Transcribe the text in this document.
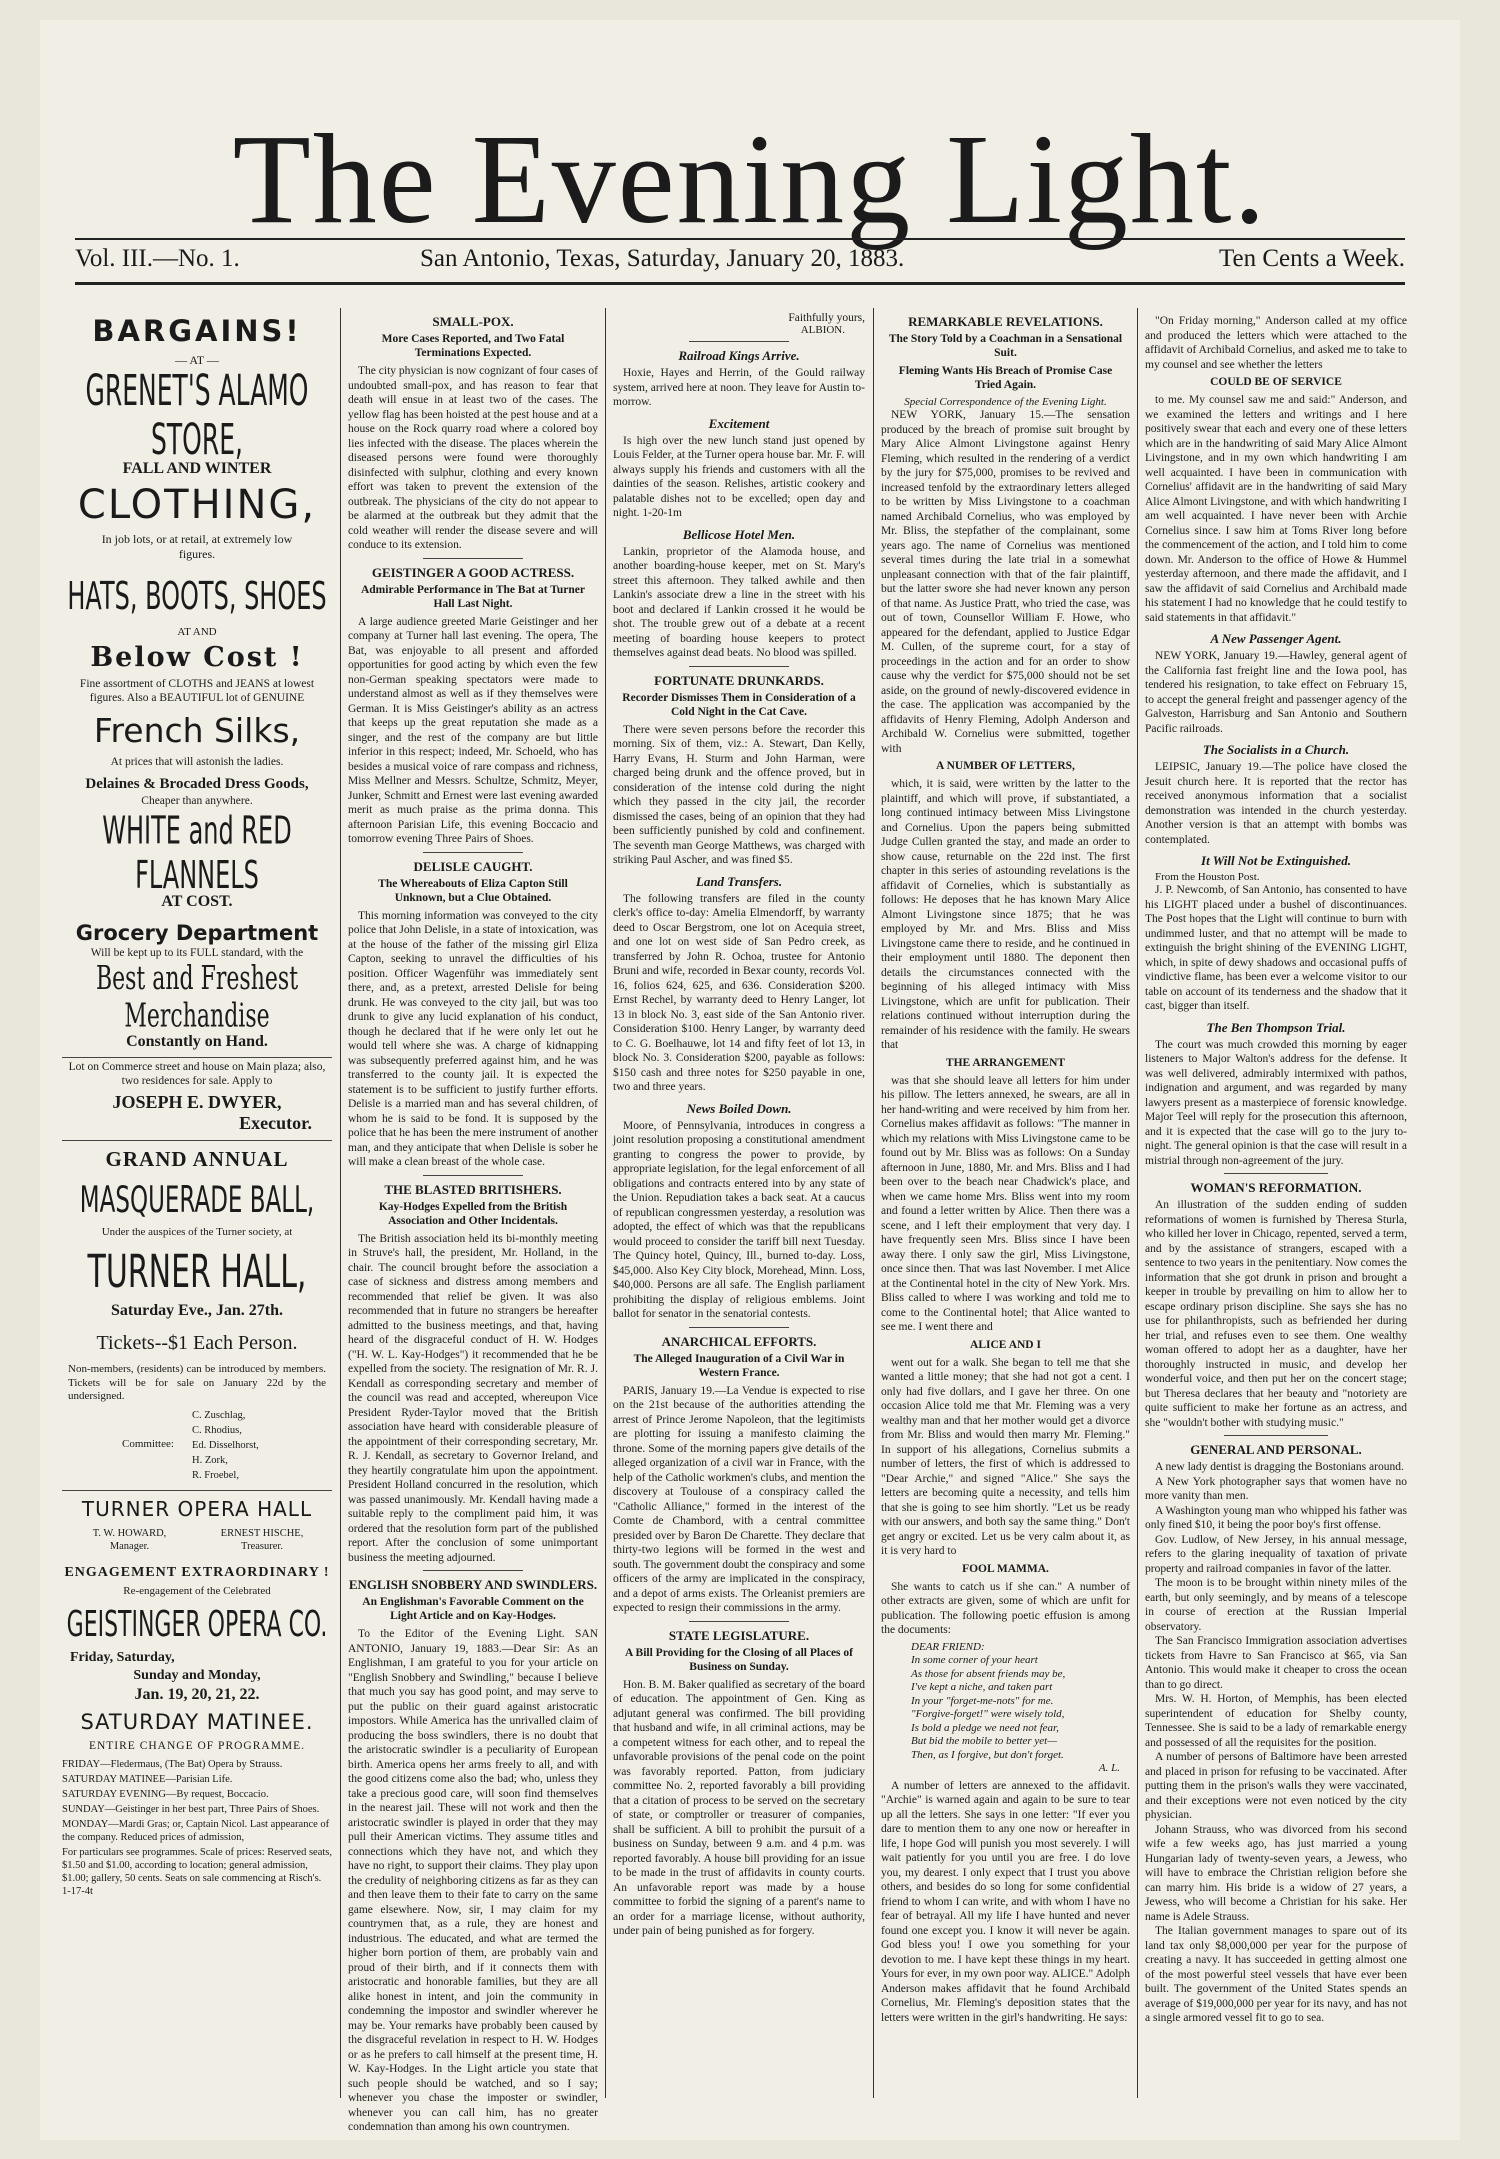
The Evening Light.
Vol. III.—No. 1.	San Antonio, Texas, Saturday, January 20, 1883.	Ten Cents a Week.
BARGAINS!
— AT —
GRENET'S ALAMO STORE,
FALL AND WINTER
CLOTHING,
In job lots, or at retail, at extremely low figures.
HATS, BOOTS, SHOES
AT AND
Below Cost !
Fine assortment of CLOTHS and JEANS at lowest figures. Also a BEAUTIFUL lot of GENUINE
French Silks,
At prices that will astonish the ladies.
Delaines & Brocaded Dress Goods,
Cheaper than anywhere.
WHITE and RED FLANNELS
AT COST.
Grocery Department
Will be kept up to its FULL standard, with the
Best and Freshest Merchandise
Constantly on Hand.
Lot on Commerce street and house on Main plaza; also, two residences for sale. Apply to
JOSEPH E. DWYER,
Executor.
GRAND ANNUAL
MASQUERADE BALL,
Under the auspices of the Turner society, at
TURNER HALL,
Saturday Eve., Jan. 27th.
Tickets--$1 Each Person.
Non-members, (residents) can be introduced by members. Tickets will be for sale on January 22d by the undersigned.
Committee:
C. Zuschlag,
C. Rhodius,
Ed. Disselhorst,
H. Zork,
R. Froebel,
TURNER OPERA HALL
T. W. HOWARD, Manager.
ERNEST HISCHE, Treasurer.
ENGAGEMENT EXTRAORDINARY !
Re-engagement of the Celebrated
GEISTINGER OPERA CO.
Friday, Saturday,
Sunday and Monday,
Jan. 19, 20, 21, 22.
SATURDAY MATINEE.
ENTIRE CHANGE OF PROGRAMME.
FRIDAY—Fledermaus, (The Bat) Opera by Strauss.
SATURDAY MATINEE—Parisian Life.
SATURDAY EVENING—By request, Boccacio.
SUNDAY—Geistinger in her best part, Three Pairs of Shoes.
MONDAY—Mardi Gras; or, Captain Nicol. Last appearance of the company. Reduced prices of admission,
For particulars see programmes. Scale of prices: Reserved seats, $1.50 and $1.00, according to location; general admission, $1.00; gallery, 50 cents. Seats on sale commencing at Risch's. 1-17-4t
SMALL-POX.
More Cases Reported, and Two Fatal Terminations Expected.

The city physician is now cognizant of four cases of undoubted small-pox, and has reason to fear that death will ensue in at least two of the cases. The yellow flag has been hoisted at the pest house and at a house on the Rock quarry road where a colored boy lies infected with the disease. The places wherein the diseased persons were found were thoroughly disinfected with sulphur, clothing and every known effort was taken to prevent the extension of the outbreak. The physicians of the city do not appear to be alarmed at the outbreak but they admit that the cold weather will render the disease severe and will conduce to its extension.

GEISTINGER A GOOD ACTRESS.
Admirable Performance in The Bat at Turner Hall Last Night.

A large audience greeted Marie Geistinger and her company at Turner hall last evening. The opera, The Bat, was enjoyable to all present and afforded opportunities for good acting by which even the few non-German speaking spectators were made to understand almost as well as if they themselves were German. It is Miss Geistinger's ability as an actress that keeps up the great reputation she made as a singer, and the rest of the company are but little inferior in this respect; indeed, Mr. Schoeld, who has besides a musical voice of rare compass and richness, Miss Mellner and Messrs. Schultze, Schmitz, Meyer, Junker, Schmitt and Ernest were last evening awarded merit as much praise as the prima donna. This afternoon Parisian Life, this evening Boccacio and tomorrow evening Three Pairs of Shoes.

DELISLE CAUGHT.
The Whereabouts of Eliza Capton Still Unknown, but a Clue Obtained.

This morning information was conveyed to the city police that John Delisle, in a state of intoxication, was at the house of the father of the missing girl Eliza Capton, seeking to unravel the difficulties of his position. Officer Wagenführ was immediately sent there, and, as a pretext, arrested Delisle for being drunk. He was conveyed to the city jail, but was too drunk to give any lucid explanation of his conduct, though he declared that if he were only let out he would tell where she was. A charge of kidnapping was subsequently preferred against him, and he was transferred to the county jail. It is expected the statement is to be sufficient to justify further efforts. Delisle is a married man and has several children, of whom he is said to be fond. It is supposed by the police that he has been the mere instrument of another man, and they anticipate that when Delisle is sober he will make a clean breast of the whole case.

THE BLASTED BRITISHERS.
Kay-Hodges Expelled from the British Association and Other Incidentals.

The British association held its bi-monthly meeting in Struve's hall, the president, Mr. Holland, in the chair. The council brought before the association a case of sickness and distress among members and recommended that relief be given. It was also recommended that in future no strangers be hereafter admitted to the business meetings, and that, having heard of the disgraceful conduct of H. W. Hodges ("H. W. L. Kay-Hodges") it recommended that he be expelled from the society. The resignation of Mr. R. J. Kendall as corresponding secretary and member of the council was read and accepted, whereupon Vice President Ryder-Taylor moved that the British association have heard with considerable pleasure of the appointment of their corresponding secretary, Mr. R. J. Kendall, as secretary to Governor Ireland, and they heartily congratulate him upon the appointment. President Holland concurred in the resolution, which was passed unanimously. Mr. Kendall having made a suitable reply to the compliment paid him, it was ordered that the resolution form part of the published report. After the conclusion of some unimportant business the meeting adjourned.

ENGLISH SNOBBERY AND SWINDLERS.
An Englishman's Favorable Comment on the Light Article and on Kay-Hodges.

To the Editor of the Evening Light. SAN ANTONIO, January 19, 1883.—Dear Sir: As an Englishman, I am grateful to you for your article on "English Snobbery and Swindling," because I believe that much you say has good point, and may serve to put the public on their guard against aristocratic impostors. While America has the unrivalled claim of producing the boss swindlers, there is no doubt that the aristocratic swindler is a peculiarity of European birth. America opens her arms freely to all, and with the good citizens come also the bad; who, unless they take a precious good care, will soon find themselves in the nearest jail. These will not work and then the aristocratic swindler is played in order that they may pull their American victims. They assume titles and connections which they have not, and which they have no right, to support their claims. They play upon the credulity of neighboring citizens as far as they can and then leave them to their fate to carry on the same game elsewhere. Now, sir, I may claim for my countrymen that, as a rule, they are honest and industrious. The educated, and what are termed the higher born portion of them, are probably vain and proud of their birth, and if it connects them with aristocratic and honorable families, but they are all alike honest in intent, and join the community in condemning the impostor and swindler wherever he may be. Your remarks have probably been caused by the disgraceful revelation in respect to H. W. Hodges or as he prefers to call himself at the present time, H. W. Kay-Hodges. In the Light article you state that such people should be watched, and so I say; whenever you chase the imposter or swindler, whenever you can call him, has no greater condemnation than among his own countrymen.

Faithfully yours,
ALBION.
Railroad Kings Arrive.

Hoxie, Hayes and Herrin, of the Gould railway system, arrived here at noon. They leave for Austin to-morrow.

Excitement

Is high over the new lunch stand just opened by Louis Felder, at the Turner opera house bar. Mr. F. will always supply his friends and customers with all the dainties of the season. Relishes, artistic cookery and palatable dishes not to be excelled; open day and night. 1-20-1m

Bellicose Hotel Men.

Lankin, proprietor of the Alamoda house, and another boarding-house keeper, met on St. Mary's street this afternoon. They talked awhile and then Lankin's associate drew a line in the street with his boot and declared if Lankin crossed it he would be shot. The trouble grew out of a debate at a recent meeting of boarding house keepers to protect themselves against dead beats. No blood was spilled.

FORTUNATE DRUNKARDS.
Recorder Dismisses Them in Consideration of a Cold Night in the Cat Cave.

There were seven persons before the recorder this morning. Six of them, viz.: A. Stewart, Dan Kelly, Harry Evans, H. Sturm and John Harman, were charged being drunk and the offence proved, but in consideration of the intense cold during the night which they passed in the city jail, the recorder dismissed the cases, being of an opinion that they had been sufficiently punished by cold and confinement. The seventh man George Matthews, was charged with striking Paul Ascher, and was fined $5.

Land Transfers.

The following transfers are filed in the county clerk's office to-day: Amelia Elmendorff, by warranty deed to Oscar Bergstrom, one lot on Acequia street, and one lot on west side of San Pedro creek, as transferred by John R. Ochoa, trustee for Antonio Bruni and wife, recorded in Bexar county, records Vol. 16, folios 624, 625, and 636. Consideration $200. Ernst Rechel, by warranty deed to Henry Langer, lot 13 in block No. 3, east side of the San Antonio river. Consideration $100. Henry Langer, by warranty deed to C. G. Boelhauwe, lot 14 and fifty feet of lot 13, in block No. 3. Consideration $200, payable as follows: $150 cash and three notes for $250 payable in one, two and three years.

News Boiled Down.

Moore, of Pennsylvania, introduces in congress a joint resolution proposing a constitutional amendment granting to congress the power to provide, by appropriate legislation, for the legal enforcement of all obligations and contracts entered into by any state of the Union. Repudiation takes a back seat. At a caucus of republican congressmen yesterday, a resolution was adopted, the effect of which was that the republicans would proceed to consider the tariff bill next Tuesday. The Quincy hotel, Quincy, Ill., burned to-day. Loss, $45,000. Also Key City block, Morehead, Minn. Loss, $40,000. Persons are all safe. The English parliament prohibiting the display of religious emblems. Joint ballot for senator in the senatorial contests.

ANARCHICAL EFFORTS.
The Alleged Inauguration of a Civil War in Western France.

PARIS, January 19.—La Vendue is expected to rise on the 21st because of the authorities attending the arrest of Prince Jerome Napoleon, that the legitimists are plotting for issuing a manifesto claiming the throne. Some of the morning papers give details of the alleged organization of a civil war in France, with the help of the Catholic workmen's clubs, and mention the discovery at Toulouse of a conspiracy called the "Catholic Alliance," formed in the interest of the Comte de Chambord, with a central committee presided over by Baron De Charette. They declare that thirty-two legions will be formed in the west and south. The government doubt the conspiracy and some officers of the army are implicated in the conspiracy, and a depot of arms exists. The Orleanist premiers are expected to resign their commissions in the army.

STATE LEGISLATURE.
A Bill Providing for the Closing of all Places of Business on Sunday.

Hon. B. M. Baker qualified as secretary of the board of education. The appointment of Gen. King as adjutant general was confirmed. The bill providing that husband and wife, in all criminal actions, may be a competent witness for each other, and to repeal the unfavorable provisions of the penal code on the point was favorably reported. Patton, from judiciary committee No. 2, reported favorably a bill providing that a citation of process to be served on the secretary of state, or comptroller or treasurer of companies, shall be sufficient. A bill to prohibit the pursuit of a business on Sunday, between 9 a.m. and 4 p.m. was reported favorably. A house bill providing for an issue to be made in the trust of affidavits in county courts. An unfavorable report was made by a house committee to forbid the signing of a parent's name to an order for a marriage license, without authority, under pain of being punished as for forgery.

REMARKABLE REVELATIONS.
The Story Told by a Coachman in a Sensational Suit.
Fleming Wants His Breach of Promise Case Tried Again.
Special Correspondence of the Evening Light.

NEW YORK, January 15.—The sensation produced by the breach of promise suit brought by Mary Alice Almont Livingstone against Henry Fleming, which resulted in the rendering of a verdict by the jury for $75,000, promises to be revived and increased tenfold by the extraordinary letters alleged to be written by Miss Livingstone to a coachman named Archibald Cornelius, who was employed by Mr. Bliss, the stepfather of the complainant, some years ago. The name of Cornelius was mentioned several times during the late trial in a somewhat unpleasant connection with that of the fair plaintiff, but the latter swore she had never known any person of that name. As Justice Pratt, who tried the case, was out of town, Counsellor William F. Howe, who appeared for the defendant, applied to Justice Edgar M. Cullen, of the supreme court, for a stay of proceedings in the action and for an order to show cause why the verdict for $75,000 should not be set aside, on the ground of newly-discovered evidence in the case. The application was accompanied by the affidavits of Henry Fleming, Adolph Anderson and Archibald W. Cornelius were submitted, together with

A NUMBER OF LETTERS,

which, it is said, were written by the latter to the plaintiff, and which will prove, if substantiated, a long continued intimacy between Miss Livingstone and Cornelius. Upon the papers being submitted Judge Cullen granted the stay, and made an order to show cause, returnable on the 22d inst. The first chapter in this series of astounding revelations is the affidavit of Cornelies, which is substantially as follows: He deposes that he has known Mary Alice Almont Livingstone since 1875; that he was employed by Mr. and Mrs. Bliss and Miss Livingstone came there to reside, and he continued in their employment until 1880. The deponent then details the circumstances connected with the beginning of his alleged intimacy with Miss Livingstone, which are unfit for publication. Their relations continued without interruption during the remainder of his residence with the family. He swears that

THE ARRANGEMENT

was that she should leave all letters for him under his pillow. The letters annexed, he swears, are all in her hand-writing and were received by him from her. Cornelius makes affidavit as follows: "The manner in which my relations with Miss Livingstone came to be found out by Mr. Bliss was as follows: On a Sunday afternoon in June, 1880, Mr. and Mrs. Bliss and I had been over to the beach near Chadwick's place, and when we came home Mrs. Bliss went into my room and found a letter written by Alice. Then there was a scene, and I left their employment that very day. I have frequently seen Mrs. Bliss since I have been away there. I only saw the girl, Miss Livingstone, once since then. That was last November. I met Alice at the Continental hotel in the city of New York. Mrs. Bliss called to where I was working and told me to come to the Continental hotel; that Alice wanted to see me. I went there and

ALICE AND I

went out for a walk. She began to tell me that she wanted a little money; that she had not got a cent. I only had five dollars, and I gave her three. On one occasion Alice told me that Mr. Fleming was a very wealthy man and that her mother would get a divorce from Mr. Bliss and would then marry Mr. Fleming." In support of his allegations, Cornelius submits a number of letters, the first of which is addressed to "Dear Archie," and signed "Alice." She says the letters are becoming quite a necessity, and tells him that she is going to see him shortly. "Let us be ready with our answers, and both say the same thing." Don't get angry or excited. Let us be very calm about it, as it is very hard to

FOOL MAMMA.

She wants to catch us if she can." A number of other extracts are given, some of which are unfit for publication. The following poetic effusion is among the documents:

DEAR FRIEND:
In some corner of your heart
As those for absent friends may be,
I've kept a niche, and taken part
In your "forget-me-nots" for me.
"Forgive-forget!" were wisely told,
Is bold a pledge we need not fear,
But bid the mobile to better yet—
Then, as I forgive, but don't forget.
A. L.

A number of letters are annexed to the affidavit. "Archie" is warned again and again to be sure to tear up all the letters. She says in one letter: "If ever you dare to mention them to any one now or hereafter in life, I hope God will punish you most severely. I will wait patiently for you until you are free. I do love you, my dearest. I only expect that I trust you above others, and besides do so long for some confidential friend to whom I can write, and with whom I have no fear of betrayal. All my life I have hunted and never found one except you. I know it will never be again. God bless you! I owe you something for your devotion to me. I have kept these things in my heart. Yours for ever, in my own poor way. ALICE." Adolph Anderson makes affidavit that he found Archibald Cornelius, Mr. Fleming's deposition states that the letters were written in the girl's handwriting. He says:

"On Friday morning," Anderson called at my office and produced the letters which were attached to the affidavit of Archibald Cornelius, and asked me to take to my counsel and see whether the letters

COULD BE OF SERVICE

to me. My counsel saw me and said:" Anderson, and we examined the letters and writings and I here positively swear that each and every one of these letters which are in the handwriting of said Mary Alice Almont Livingstone, and in my own which handwriting I am well acquainted. I have been in communication with Cornelius' affidavit are in the handwriting of said Mary Alice Almont Livingstone, and with which handwriting I am well acquainted. I have never been with Archie Cornelius since. I saw him at Toms River long before the commencement of the action, and I told him to come down. Mr. Anderson to the office of Howe & Hummel yesterday afternoon, and there made the affidavit, and I saw the affidavit of said Cornelius and Archibald made his statement I had no knowledge that he could testify to said statements in that affidavit."

A New Passenger Agent.

NEW YORK, January 19.—Hawley, general agent of the California fast freight line and the Iowa pool, has tendered his resignation, to take effect on February 15, to accept the general freight and passenger agency of the Galveston, Harrisburg and San Antonio and Southern Pacific railroads.

The Socialists in a Church.

LEIPSIC, January 19.—The police have closed the Jesuit church here. It is reported that the rector has received anonymous information that a socialist demonstration was intended in the church yesterday. Another version is that an attempt with bombs was contemplated.

It Will Not be Extinguished.
From the Houston Post.

J. P. Newcomb, of San Antonio, has consented to have his LIGHT placed under a bushel of discontinuances. The Post hopes that the Light will continue to burn with undimmed luster, and that no attempt will be made to extinguish the bright shining of the EVENING LIGHT, which, in spite of dewy shadows and occasional puffs of vindictive flame, has been ever a welcome visitor to our table on account of its tenderness and the shadow that it cast, bigger than itself.

The Ben Thompson Trial.

The court was much crowded this morning by eager listeners to Major Walton's address for the defense. It was well delivered, admirably intermixed with pathos, indignation and argument, and was regarded by many lawyers present as a masterpiece of forensic knowledge. Major Teel will reply for the prosecution this afternoon, and it is expected that the case will go to the jury to-night. The general opinion is that the case will result in a mistrial through non-agreement of the jury.

WOMAN'S REFORMATION.

An illustration of the sudden ending of sudden reformations of women is furnished by Theresa Sturla, who killed her lover in Chicago, repented, served a term, and by the assistance of strangers, escaped with a sentence to two years in the penitentiary. Now comes the information that she got drunk in prison and brought a keeper in trouble by prevailing on him to allow her to escape ordinary prison discipline. She says she has no use for philanthropists, such as befriended her during her trial, and refuses even to see them. One wealthy woman offered to adopt her as a daughter, have her thoroughly instructed in music, and develop her wonderful voice, and then put her on the concert stage; but Theresa declares that her beauty and "notoriety are quite sufficient to make her fortune as an actress, and she "wouldn't bother with studying music."

GENERAL AND PERSONAL.

A new lady dentist is dragging the Bostonians around.

A New York photographer says that women have no more vanity than men.

A Washington young man who whipped his father was only fined $10, it being the poor boy's first offense.

Gov. Ludlow, of New Jersey, in his annual message, refers to the glaring inequality of taxation of private property and railroad companies in favor of the latter.

The moon is to be brought within ninety miles of the earth, but only seemingly, and by means of a telescope in course of erection at the Russian Imperial observatory.

The San Francisco Immigration association advertises tickets from Havre to San Francisco at $65, via San Antonio. This would make it cheaper to cross the ocean than to go direct.

Mrs. W. H. Horton, of Memphis, has been elected superintendent of education for Shelby county, Tennessee. She is said to be a lady of remarkable energy and possessed of all the requisites for the position.

A number of persons of Baltimore have been arrested and placed in prison for refusing to be vaccinated. After putting them in the prison's walls they were vaccinated, and their exceptions were not even noticed by the city physician.

Johann Strauss, who was divorced from his second wife a few weeks ago, has just married a young Hungarian lady of twenty-seven years, a Jewess, who will have to embrace the Christian religion before she can marry him. His bride is a widow of 27 years, a Jewess, who will become a Christian for his sake. Her name is Adele Strauss.

The Italian government manages to spare out of its land tax only $8,000,000 per year for the purpose of creating a navy. It has succeeded in getting almost one of the most powerful steel vessels that have ever been built. The government of the United States spends an average of $19,000,000 per year for its navy, and has not a single armored vessel fit to go to sea.
